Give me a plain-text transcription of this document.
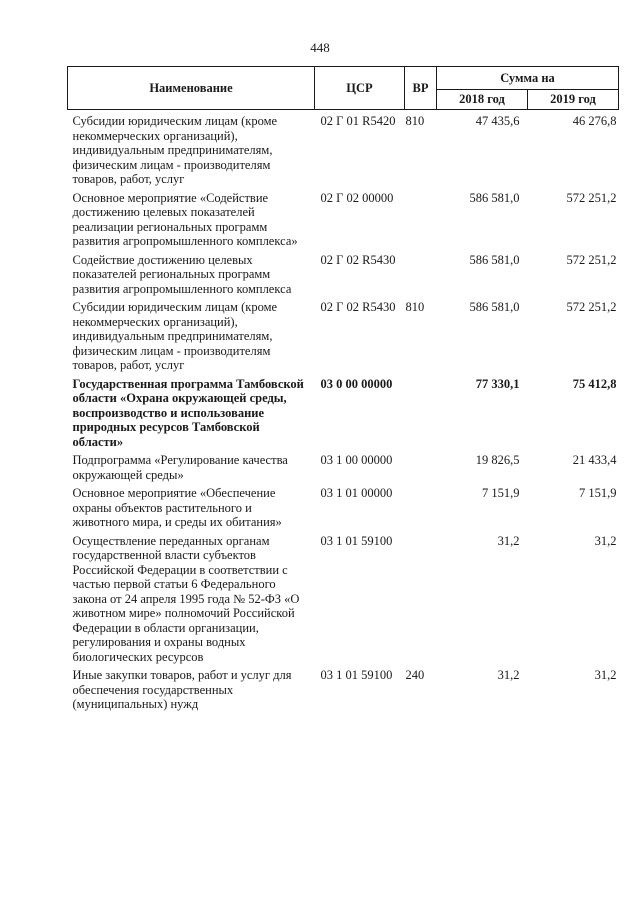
448
Наименование	ЦСР	ВР	Сумма на	
			2018 год	2019 год
Субсидии юридическим лицам (кроме некоммерческих организаций), индивидуальным предпринимателям, физическим лицам - производителям товаров, работ, услуг	02 Г 01 R5420	810	47 435,6	46 276,8
Основное мероприятие «Содействие достижению целевых показателей реализации региональных программ развития агропромышленного комплекса»	02 Г 02 00000		586 581,0	572 251,2
Содействие достижению целевых показателей региональных программ развития агропромышленного комплекса	02 Г 02 R5430		586 581,0	572 251,2
Субсидии юридическим лицам (кроме некоммерческих организаций), индивидуальным предпринимателям, физическим лицам - производителям товаров, работ, услуг	02 Г 02 R5430	810	586 581,0	572 251,2
Государственная программа Тамбовской области «Охрана окружающей среды, воспроизводство и использование природных ресурсов Тамбовской области»	03 0 00 00000		77 330,1	75 412,8
Подпрограмма «Регулирование качества окружающей среды»	03 1 00 00000		19 826,5	21 433,4
Основное мероприятие «Обеспечение охраны объектов растительного и животного мира, и среды их обитания»	03 1 01 00000		7 151,9	7 151,9
Осуществление переданных органам государственной власти субъектов Российской Федерации в соответствии с частью первой статьи 6 Федерального закона от 24 апреля 1995 года № 52-ФЗ «О животном мире» полномочий Российской Федерации в области организации, регулирования и охраны водных биологических ресурсов	03 1 01 59100		31,2	31,2
Иные закупки товаров, работ и услуг для обеспечения государственных (муниципальных) нужд	03 1 01 59100	240	31,2	31,2
